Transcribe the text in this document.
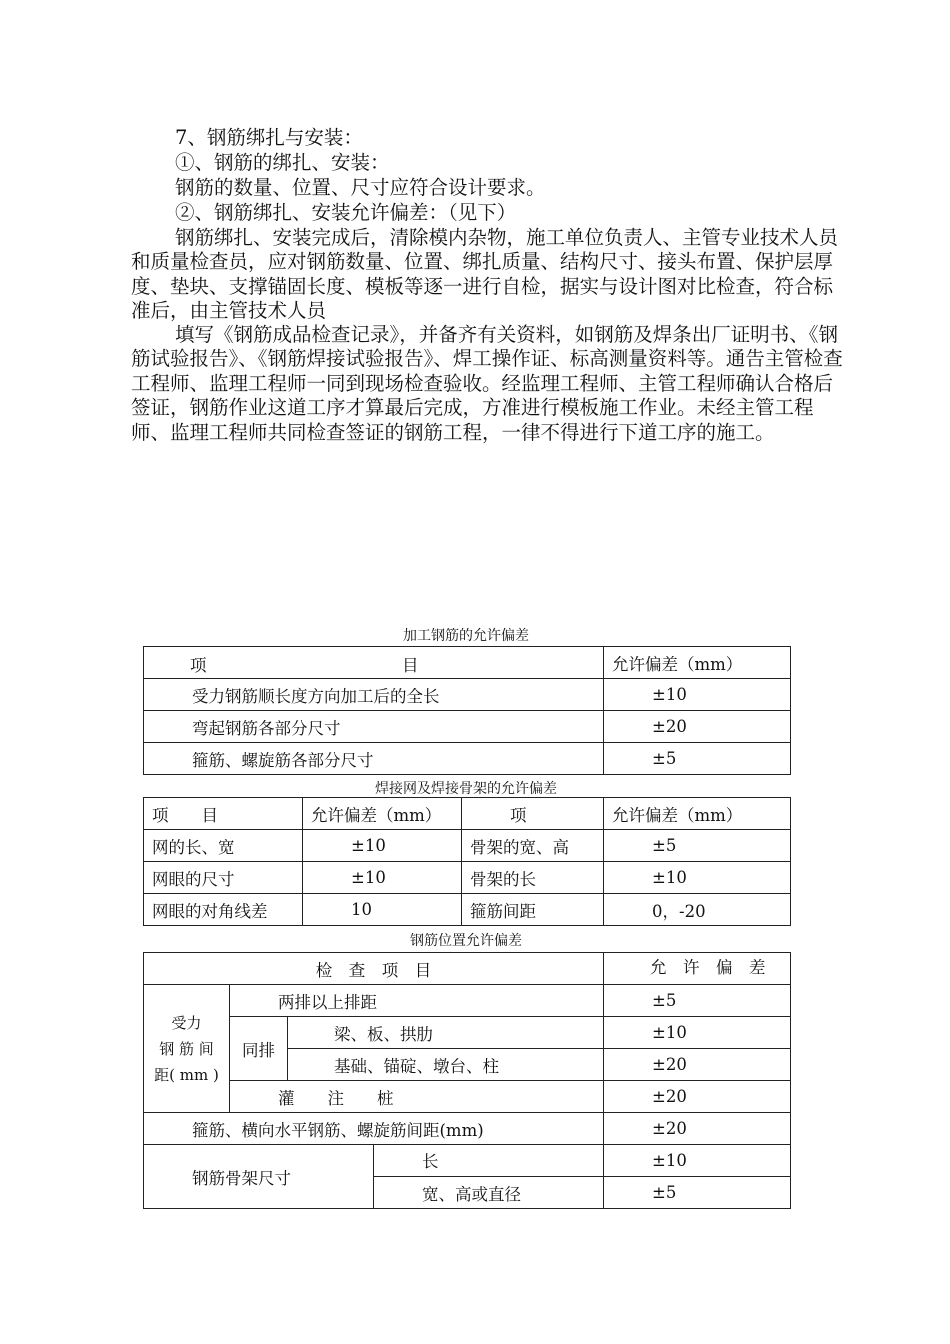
7、钢筋绑扎与安装：
①、钢筋的绑扎、安装：
钢筋的数量、位置、尺寸应符合设计要求。
②、钢筋绑扎、安装允许偏差：（见下）
钢筋绑扎、安装完成后，清除模内杂物，施工单位负责人、主管专业技术人员和质量检查员，应对钢筋数量、位置、绑扎质量、结构尺寸、接头布置、保护层厚度、垫块、支撑锚固长度、模板等逐一进行自检，据实与设计图对比检查，符合标准后，由主管技术人员
填写《钢筋成品检查记录》，并备齐有关资料，如钢筋及焊条出厂证明书、《钢筋试验报告》、《钢筋焊接试验报告》、焊工操作证、标高测量资料等。通告主管检查工程师、监理工程师一同到现场检查验收。经监理工程师、主管工程师确认合格后签证，钢筋作业这道工序才算最后完成，方准进行模板施工作业。未经主管工程师、监理工程师共同检查签证的钢筋工程，一律不得进行下道工序的施工。
加工钢筋的允许偏差
项 目	允许偏差（mm）
受力钢筋顺长度方向加工后的全长	±10
弯起钢筋各部分尺寸	±20
箍筋、螺旋筋各部分尺寸	±5
焊接网及焊接骨架的允许偏差
项　　目	允许偏差（mm）	项	允许偏差（mm）
网的长、宽	±10	骨架的宽、高	±5
网眼的尺寸	±10	骨架的长	±10
网眼的对角线差	10	箍筋间距	0，-20
钢筋位置允许偏差
检　查　项　目				允　许　偏　差

受力
钢 筋 间
距( mm )	两排以上排距			±5
	同排	梁、板、拱肋		±10
		基础、锚碇、墩台、柱		±20
	灌　　注　　桩			±20
箍筋、横向水平钢筋、螺旋筋间距(mm)				±20
钢筋骨架尺寸			长	±10
			宽、高或直径	±5
